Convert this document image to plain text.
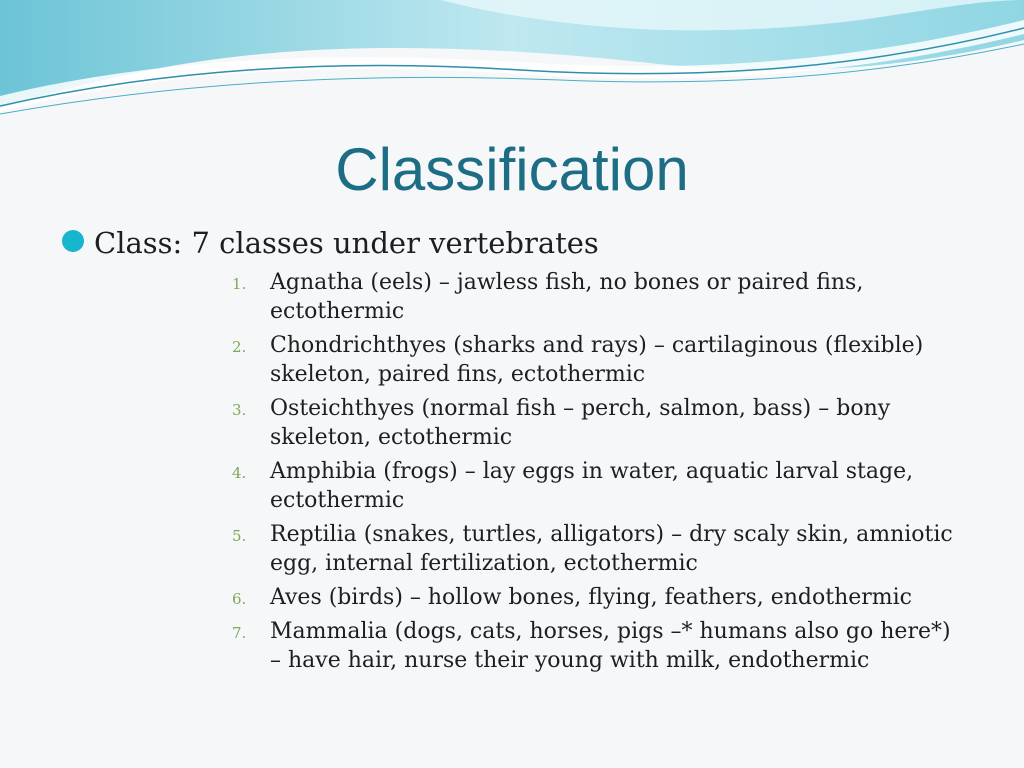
Classification
Class: 7 classes under vertebrates
1. Agnatha (eels) – jawless fish, no bones or paired fins, ectothermic
2. Chondrichthyes (sharks and rays) – cartilaginous (flexible) skeleton, paired fins, ectothermic
3. Osteichthyes (normal fish – perch, salmon, bass) – bony skeleton, ectothermic
4. Amphibia (frogs) – lay eggs in water, aquatic larval stage, ectothermic
5. Reptilia (snakes, turtles, alligators) – dry scaly skin, amniotic egg, internal fertilization, ectothermic
6. Aves (birds) – hollow bones, flying, feathers, endothermic
7. Mammalia (dogs, cats, horses, pigs –* humans also go here*) – have hair, nurse their young with milk, endothermic
